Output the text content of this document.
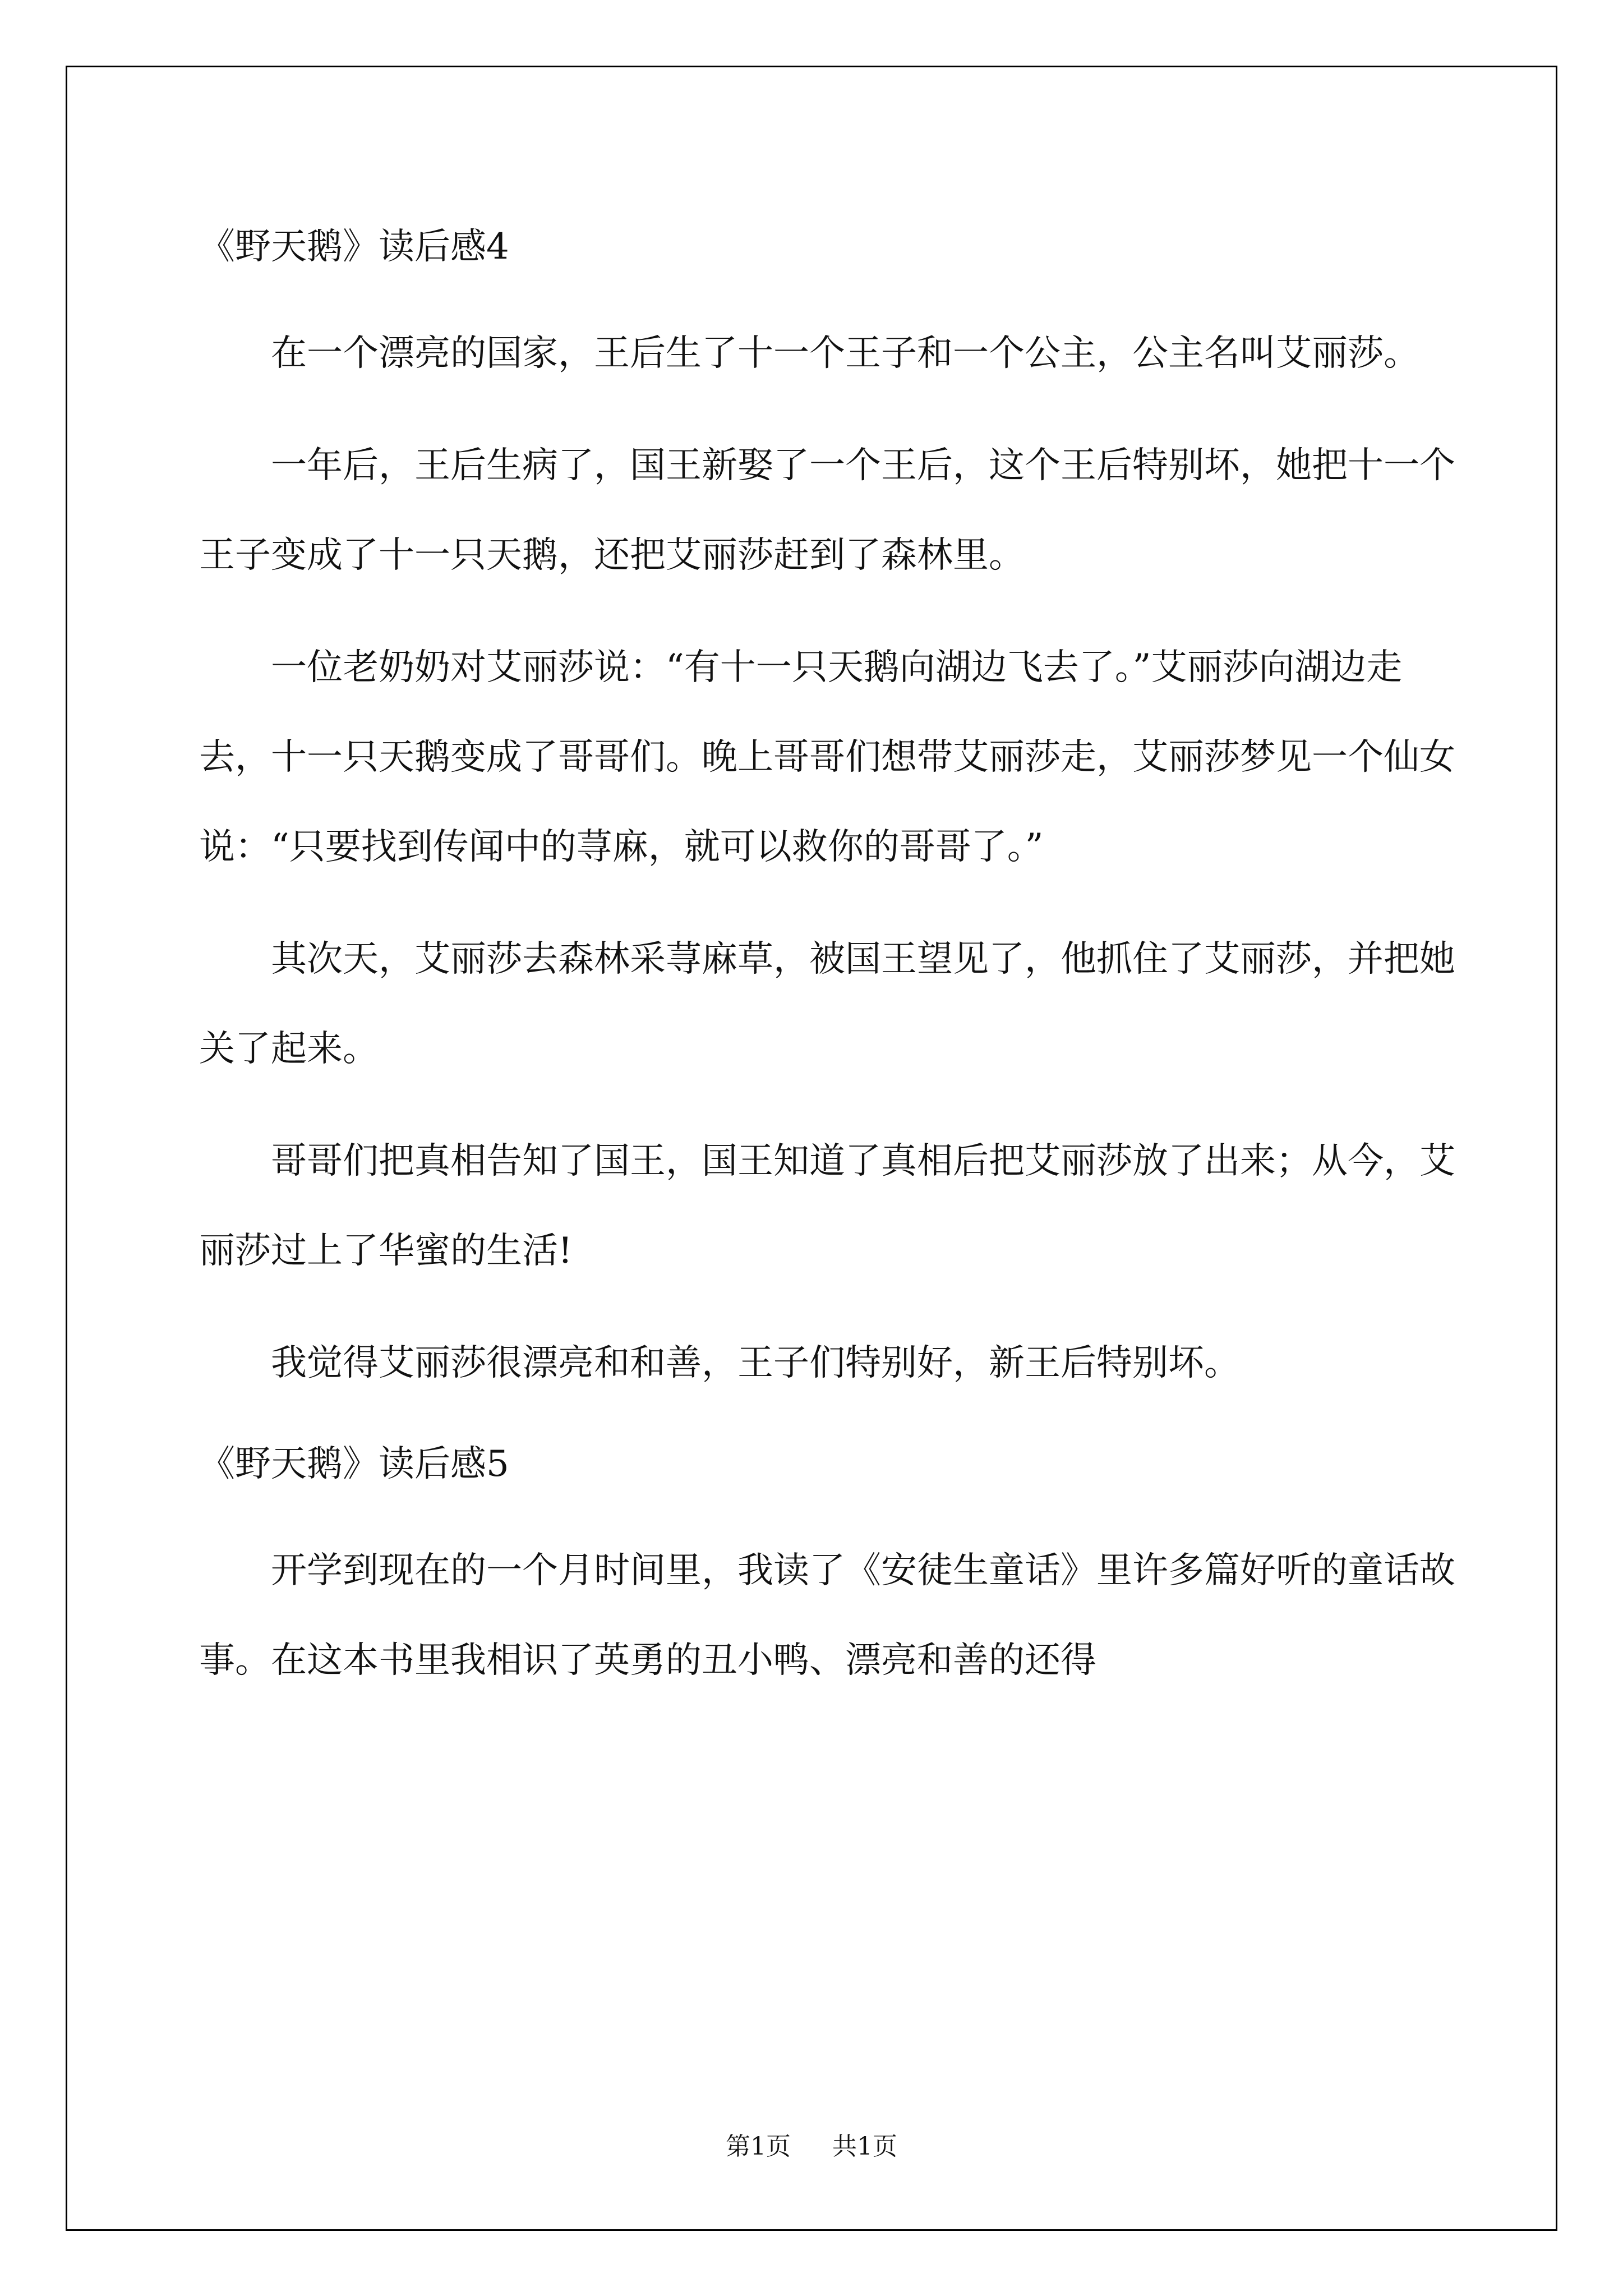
《野天鹅》读后感4

在一个漂亮的国家，王后生了十一个王子和一个公主，公主名叫艾丽莎。

一年后，王后生病了，国王新娶了一个王后，这个王后特别坏，她把十一个王子变成了十一只天鹅，还把艾丽莎赶到了森林里。

一位老奶奶对艾丽莎说：“有十一只天鹅向湖边飞去了。”艾丽莎向湖边走去，十一只天鹅变成了哥哥们。晚上哥哥们想带艾丽莎走，艾丽莎梦见一个仙女说：“只要找到传闻中的荨麻，就可以救你的哥哥了。”

其次天，艾丽莎去森林采荨麻草，被国王望见了，他抓住了艾丽莎，并把她关了起来。

哥哥们把真相告知了国王，国王知道了真相后把艾丽莎放了出来；从今，艾丽莎过上了华蜜的生活!

我觉得艾丽莎很漂亮和和善，王子们特别好，新王后特别坏。

《野天鹅》读后感5

开学到现在的一个月时间里，我读了《安徒生童话》里许多篇好听的童话故事。在这本书里我相识了英勇的丑小鸭、漂亮和善的还得

第1页 共1页
